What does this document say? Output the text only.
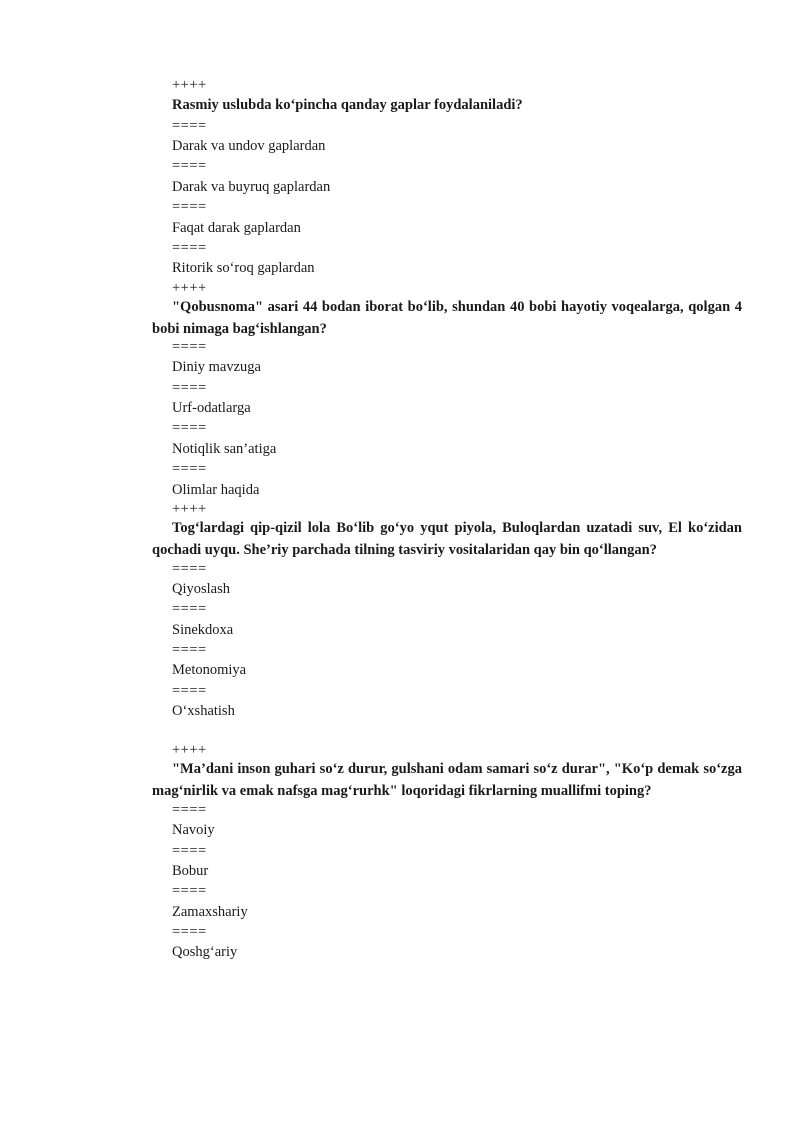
++++
Rasmiy uslubda ko‘pincha qanday gaplar foydalaniladi?
====
Darak va undov gaplardan
====
Darak va buyruq gaplardan
====
Faqat darak gaplardan
====
Ritorik so‘roq gaplardan
++++
"Qobusnoma" asari 44 bodan iborat bo‘lib, shundan 40 bobi hayotiy voqealarga, qolgan 4 bobi nimaga bag‘ishlangan?
====
Diniy mavzuga
====
Urf-odatlarga
====
Notiqlik san’atiga
====
Olimlar haqida
++++
Tog‘lardagi qip-qizil lola Bo‘lib go‘yo yqut piyola, Buloqlardan uzatadi suv, El ko‘zidan qochadi uyqu. She’riy parchada tilning tasviriy vositalaridan qay bin qo‘llangan?
====
Qiyoslash
====
Sinekdoxa
====
Metonomiya
====
O‘xshatish
++++
"Ma’dani inson guhari so‘z durur, gulshani odam samari so‘z durar", "Ko‘p demak so‘zga mag‘nirlik va emak nafsga mag‘rurhk" loqoridagi fikrlarning muallifmi toping?
====
Navoiy
====
Bobur
====
Zamaxshariy
====
Qoshg‘ariy
